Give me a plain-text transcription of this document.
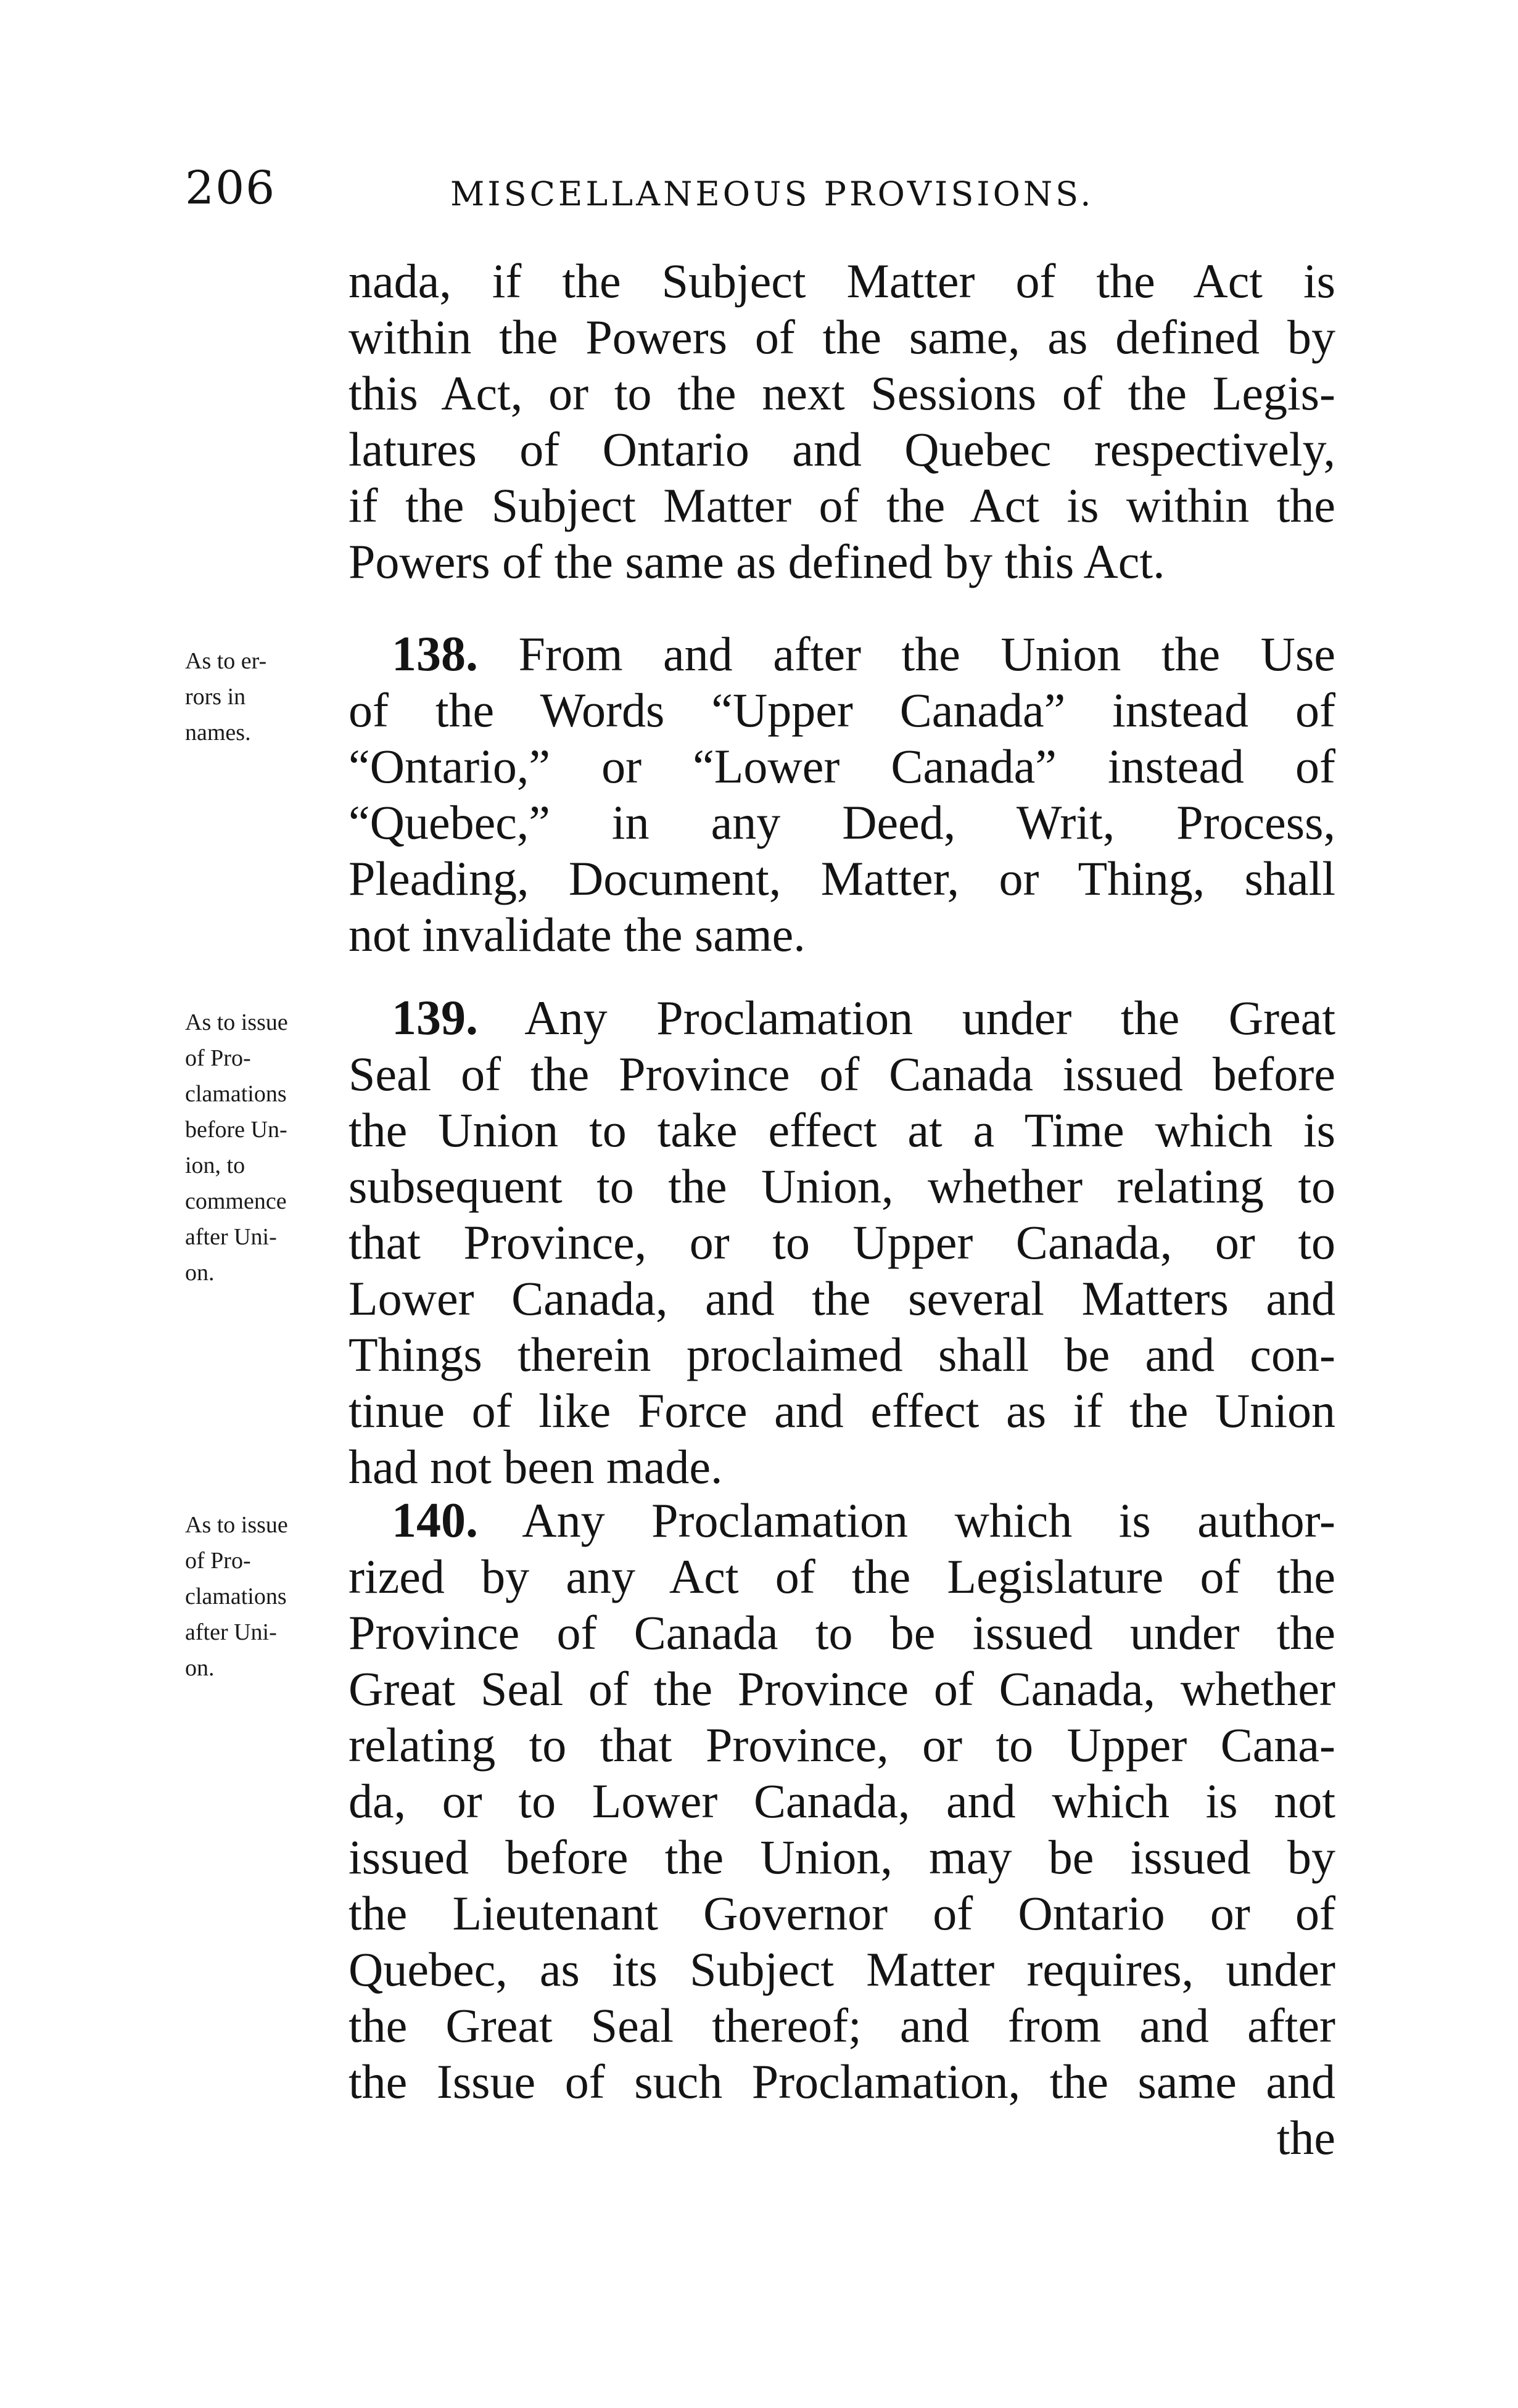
206	MISCELLANEOUS PROVISIONS.
nada, if the Subject Matter of the Act is
within the Powers of the same, as defined by
this Act, or to the next Sessions of the Legis-
latures of Ontario and Quebec respectively,
if the Subject Matter of the Act is within the
Powers of the same as defined by this Act.
As to er-
rors in
names.
138. From and after the Union the Use
of the Words “Upper Canada” instead of
“Ontario,” or “Lower Canada” instead of
“Quebec,” in any Deed, Writ, Process,
Pleading, Document, Matter, or Thing, shall
not invalidate the same.
As to issue
of Pro-
clamations
before Un-
ion, to
commence
after Uni-
on.
139. Any Proclamation under the Great
Seal of the Province of Canada issued before
the Union to take effect at a Time which is
subsequent to the Union, whether relating to
that Province, or to Upper Canada, or to
Lower Canada, and the several Matters and
Things therein proclaimed shall be and con-
tinue of like Force and effect as if the Union
had not been made.
As to issue
of Pro-
clamations
after Uni-
on.
140. Any Proclamation which is author-
rized by any Act of the Legislature of the
Province of Canada to be issued under the
Great Seal of the Province of Canada, whether
relating to that Province, or to Upper Cana-
da, or to Lower Canada, and which is not
issued before the Union, may be issued by
the Lieutenant Governor of Ontario or of
Quebec, as its Subject Matter requires, under
the Great Seal thereof; and from and after
the Issue of such Proclamation, the same and
the
